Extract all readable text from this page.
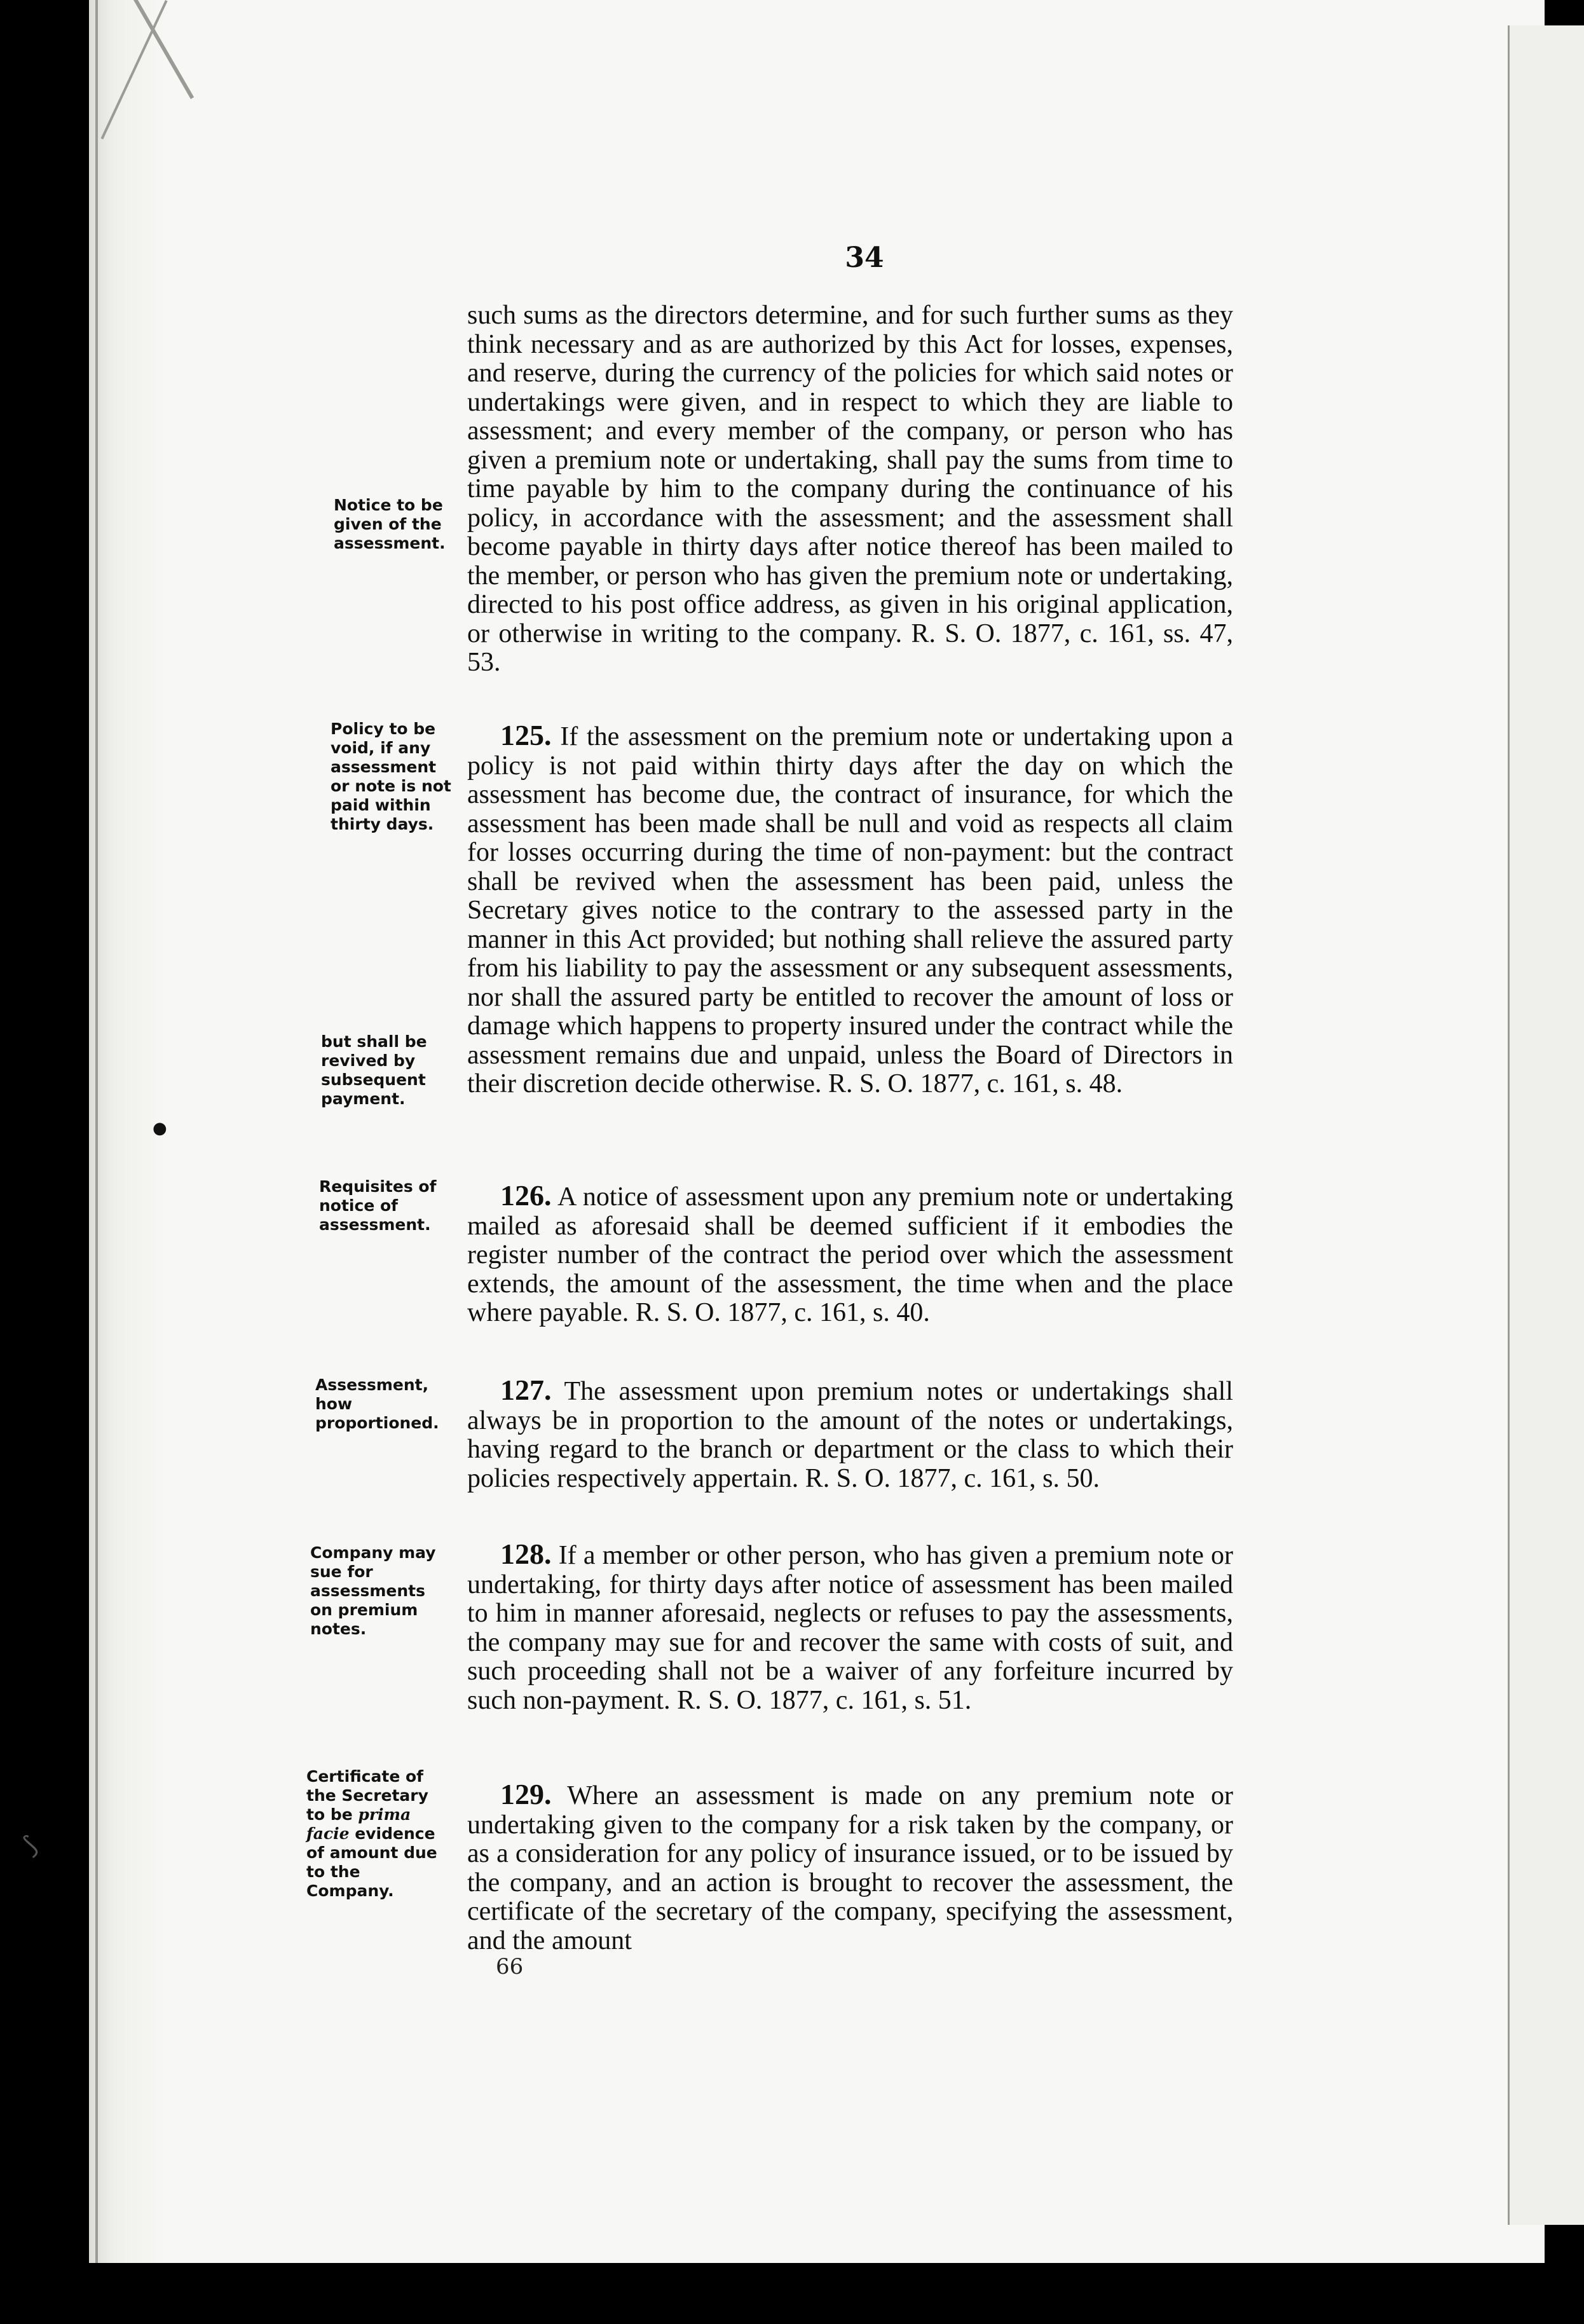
34

such sums as the directors determine, and for such further sums as they think necessary and as are authorized by this Act for losses, expenses, and reserve, during the currency of the policies for which said notes or undertakings were given, and in respect to which they are liable to assessment; and every member of the company, or person who has given a premium note or undertaking, shall pay the sums from time to time payable by him to the company during the continuance of his policy, in accordance with the assessment; and the assessment shall become payable in thirty days after notice thereof has been mailed to the member, or person who has given the premium note or undertaking, directed to his post office address, as given in his original application, or otherwise in writing to the company. R. S. O. 1877, c. 161, ss. 47, 53.

125. If the assessment on the premium note or undertaking upon a policy is not paid within thirty days after the day on which the assessment has become due, the contract of insurance, for which the assessment has been made shall be null and void as respects all claim for losses occurring during the time of non-payment: but the contract shall be revived when the assessment has been paid, unless the Secretary gives notice to the contrary to the assessed party in the manner in this Act provided; but nothing shall relieve the assured party from his liability to pay the assessment or any subsequent assessments, nor shall the assured party be entitled to recover the amount of loss or damage which happens to property insured under the contract while the assessment remains due and unpaid, unless the Board of Directors in their discretion decide otherwise. R. S. O. 1877, c. 161, s. 48.

126. A notice of assessment upon any premium note or undertaking mailed as aforesaid shall be deemed sufficient if it embodies the register number of the contract the period over which the assessment extends, the amount of the assessment, the time when and the place where payable. R. S. O. 1877, c. 161, s. 40.

127. The assessment upon premium notes or undertakings shall always be in proportion to the amount of the notes or undertakings, having regard to the branch or department or the class to which their policies respectively appertain. R. S. O. 1877, c. 161, s. 50.

128. If a member or other person, who has given a premium note or undertaking, for thirty days after notice of assessment has been mailed to him in manner aforesaid, neglects or refuses to pay the assessments, the company may sue for and recover the same with costs of suit, and such proceeding shall not be a waiver of any forfeiture incurred by such non-payment. R. S. O. 1877, c. 161, s. 51.

129. Where an assessment is made on any premium note or undertaking given to the company for a risk taken by the company, or as a consideration for any policy of insurance issued, or to be issued by the company, and an action is brought to recover the assessment, the certificate of the secretary of the company, specifying the assessment, and the amount

Notice to be given of the assessment.
Policy to be void, if any assessment or note is not paid within thirty days.
but shall be revived by subsequent payment.
Requisites of notice of assessment.
Assessment, how proportioned.
Company may sue for assessments on premium notes.
Certificate of the Secretary to be prima facie evidence of amount due to the Company.
66
●
⟆
